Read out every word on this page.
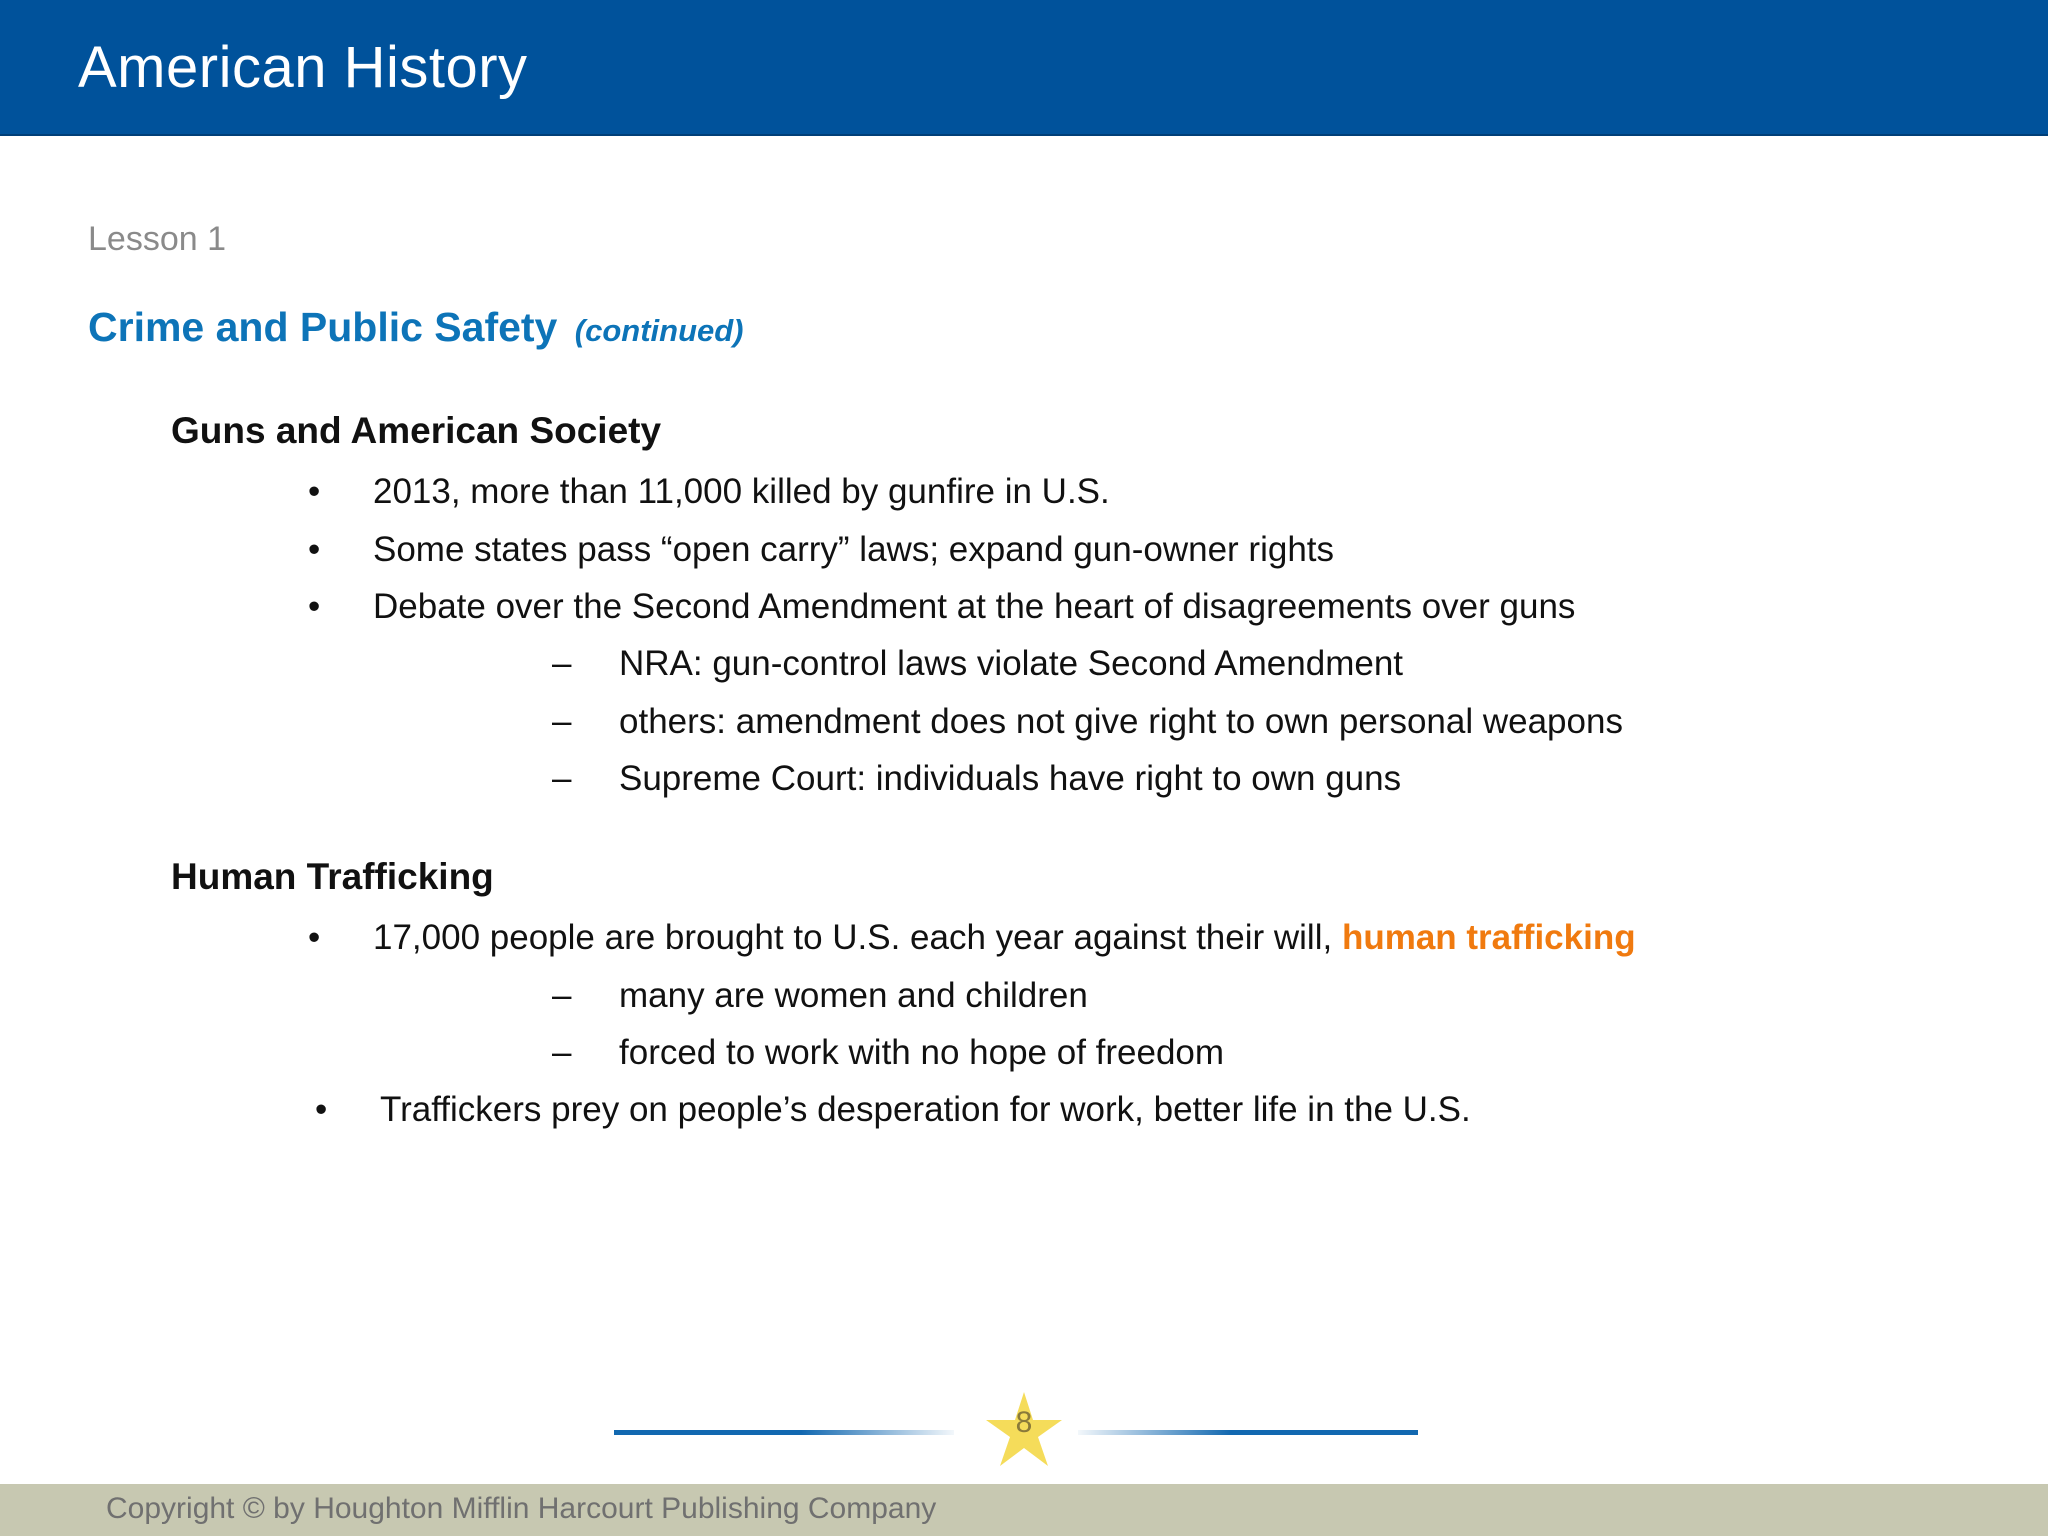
American History
Lesson 1
Crime and Public Safety (continued)
Guns and American Society
• 2013, more than 11,000 killed by gunfire in U.S.
• Some states pass “open carry” laws; expand gun-owner rights
• Debate over the Second Amendment at the heart of disagreements over guns
– NRA: gun-control laws violate Second Amendment
– others: amendment does not give right to own personal weapons
– Supreme Court: individuals have right to own guns
Human Trafficking
• 17,000 people are brought to U.S. each year against their will, human trafficking
– many are women and children
– forced to work with no hope of freedom
• Traffickers prey on people’s desperation for work, better life in the U.S.
8
Copyright © by Houghton Mifflin Harcourt Publishing Company
